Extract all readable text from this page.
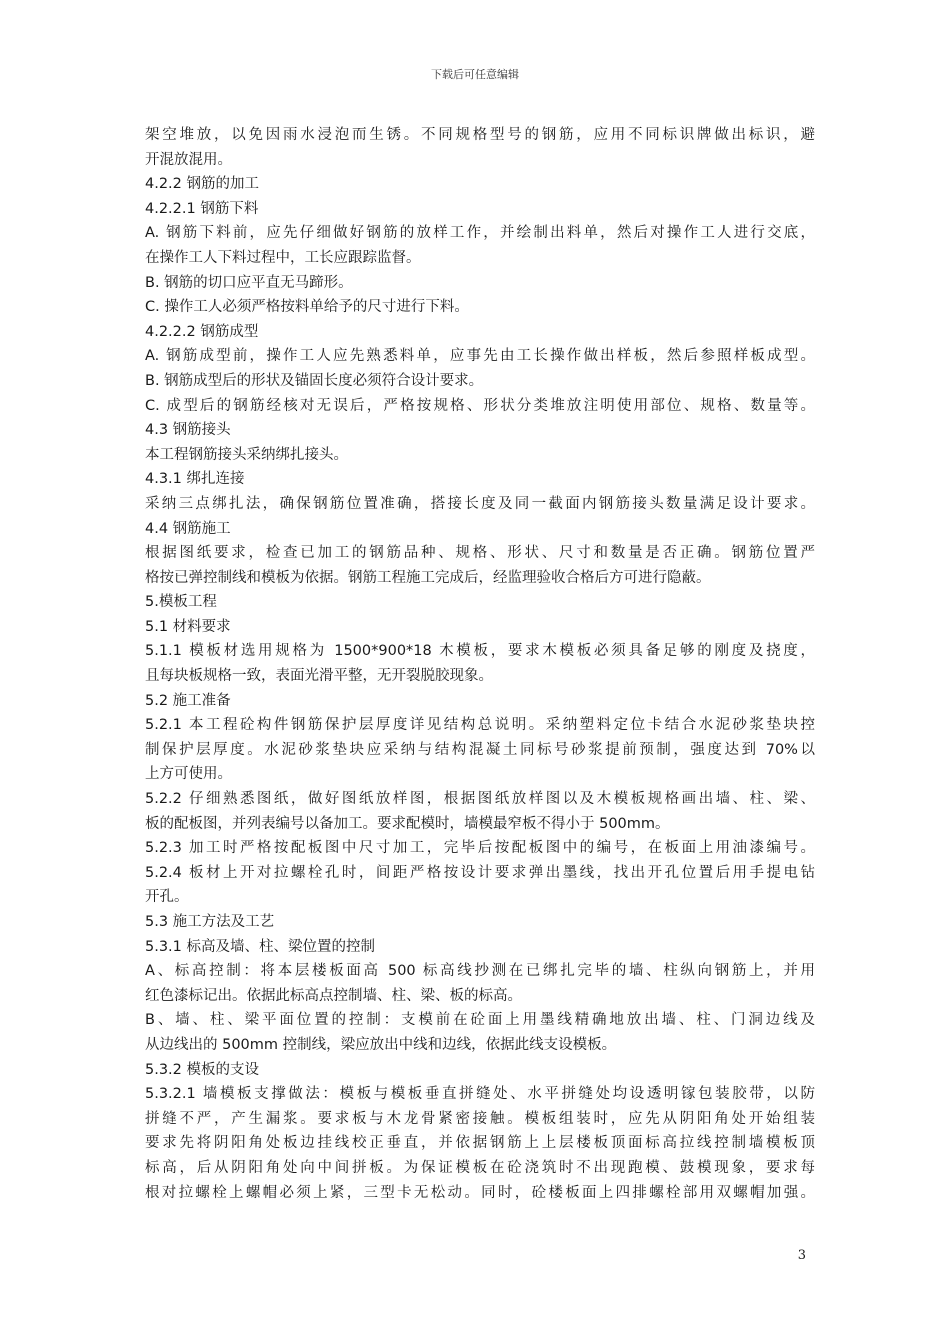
下载后可任意编辑
架空堆放，以免因雨水浸泡而生锈。不同规格型号的钢筋，应用不同标识牌做出标识，避
开混放混用。
4.2.2 钢筋的加工
4.2.2.1 钢筋下料
A. 钢筋下料前，应先仔细做好钢筋的放样工作，并绘制出料单，然后对操作工人进行交底，
在操作工人下料过程中，工长应跟踪监督。
B. 钢筋的切口应平直无马蹄形。
C. 操作工人必须严格按料单给予的尺寸进行下料。
4.2.2.2 钢筋成型
A. 钢筋成型前，操作工人应先熟悉料单，应事先由工长操作做出样板，然后参照样板成型。
B. 钢筋成型后的形状及锚固长度必须符合设计要求。
C. 成型后的钢筋经核对无误后，严格按规格、形状分类堆放注明使用部位、规格、数量等。
4.3 钢筋接头
本工程钢筋接头采纳绑扎接头。
4.3.1 绑扎连接
采纳三点绑扎法，确保钢筋位置准确，搭接长度及同一截面内钢筋接头数量满足设计要求。
4.4 钢筋施工
根据图纸要求，检查已加工的钢筋品种、规格、形状、尺寸和数量是否正确。钢筋位置严
格按已弹控制线和模板为依据。钢筋工程施工完成后，经监理验收合格后方可进行隐蔽。
5.模板工程
5.1 材料要求
5.1.1 模板材选用规格为 1500*900*18 木模板，要求木模板必须具备足够的刚度及挠度，
且每块板规格一致，表面光滑平整，无开裂脱胶现象。
5.2 施工准备
5.2.1 本工程砼构件钢筋保护层厚度详见结构总说明。采纳塑料定位卡结合水泥砂浆垫块控
制保护层厚度。水泥砂浆垫块应采纳与结构混凝土同标号砂浆提前预制，强度达到 70%以
上方可使用。
5.2.2 仔细熟悉图纸，做好图纸放样图，根据图纸放样图以及木模板规格画出墙、柱、梁、
板的配板图，并列表编号以备加工。要求配模时，墙模最窄板不得小于 500mm。
5.2.3 加工时严格按配板图中尺寸加工，完毕后按配板图中的编号，在板面上用油漆编号。
5.2.4 板材上开对拉螺栓孔时，间距严格按设计要求弹出墨线，找出开孔位置后用手提电钻
开孔。
5.3 施工方法及工艺
5.3.1 标高及墙、柱、梁位置的控制
A、标高控制：将本层楼板面高 500 标高线抄测在已绑扎完毕的墙、柱纵向钢筋上，并用
红色漆标记出。依据此标高点控制墙、柱、梁、板的标高。
B、墙、柱、梁平面位置的控制：支模前在砼面上用墨线精确地放出墙、柱、门洞边线及
从边线出的 500mm 控制线，梁应放出中线和边线，依据此线支设模板。
5.3.2 模板的支设
5.3.2.1 墙模板支撑做法：模板与模板垂直拼缝处、水平拼缝处均设透明镓包装胶带，以防
拼缝不严，产生漏浆。要求板与木龙骨紧密接触。模板组装时，应先从阴阳角处开始组装
要求先将阴阳角处板边挂线校正垂直，并依据钢筋上上层楼板顶面标高拉线控制墙模板顶
标高，后从阴阳角处向中间拼板。为保证模板在砼浇筑时不出现跑模、鼓模现象，要求每
根对拉螺栓上螺帽必须上紧，三型卡无松动。同时，砼楼板面上四排螺栓部用双螺帽加强。
3
